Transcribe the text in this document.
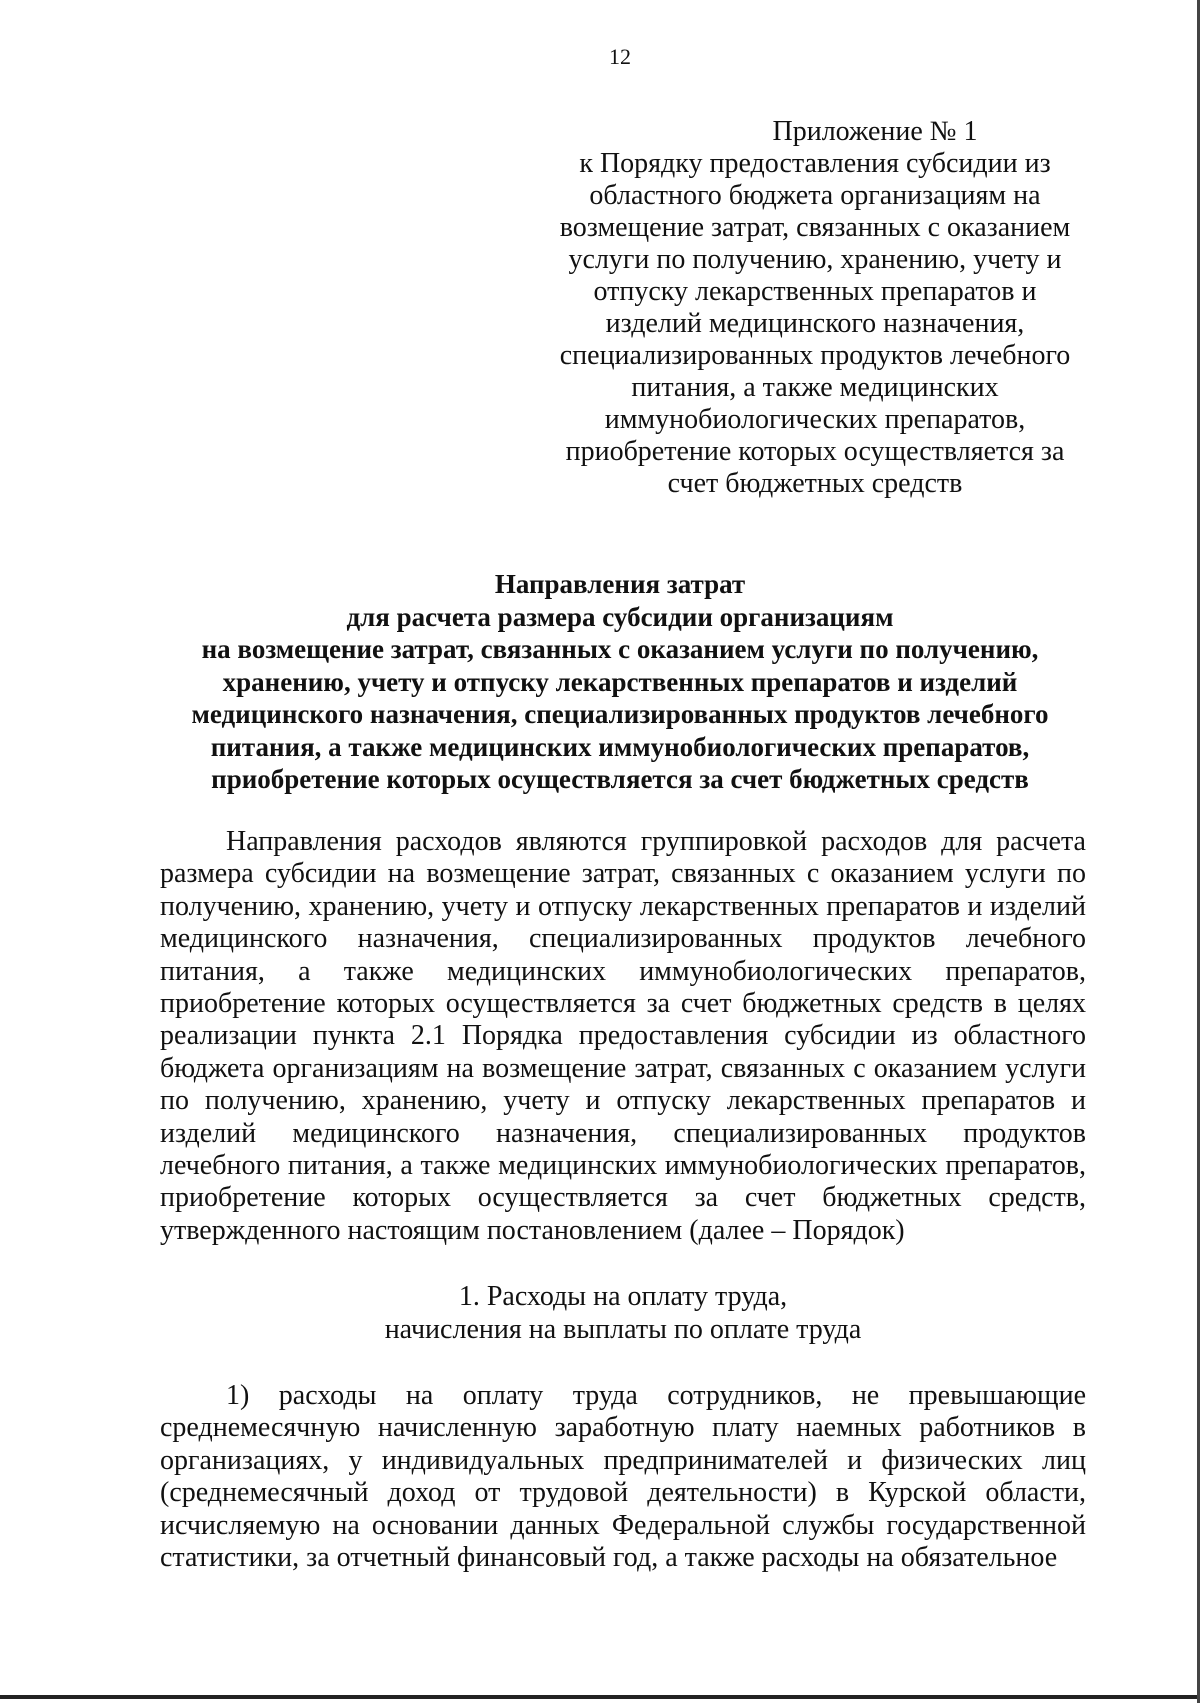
12
Приложение № 1
к Порядку предоставления субсидии из областного бюджета организациям на возмещение затрат, связанных с оказанием услуги по получению, хранению, учету и отпуску лекарственных препаратов и изделий медицинского назначения, специализированных продуктов лечебного питания, а также медицинских иммунобиологических препаратов, приобретение которых осуществляется за счет бюджетных средств
Направления затрат
для расчета размера субсидии организациям
на возмещение затрат, связанных с оказанием услуги по получению,
хранению, учету и отпуску лекарственных препаратов и изделий
медицинского назначения, специализированных продуктов лечебного
питания, а также медицинских иммунобиологических препаратов,
приобретение которых осуществляется за счет бюджетных средств

Направления расходов являются группировкой расходов для расчета размера субсидии на возмещение затрат, связанных с оказанием услуги по получению, хранению, учету и отпуску лекарственных препаратов и изделий медицинского назначения, специализированных продуктов лечебного питания, а также медицинских иммунобиологических препаратов, приобретение которых осуществляется за счет бюджетных средств в целях реализации пункта 2.1 Порядка предоставления субсидии из областного бюджета организациям на возмещение затрат, связанных с оказанием услуги по получению, хранению, учету и отпуску лекарственных препаратов и изделий медицинского назначения, специализированных продуктов лечебного питания, а также медицинских иммунобиологических препаратов, приобретение которых осуществляется за счет бюджетных средств, утвержденного настоящим постановлением (далее – Порядок)

1. Расходы на оплату труда,
начисления на выплаты по оплате труда

1) расходы на оплату труда сотрудников, не превышающие среднемесячную начисленную заработную плату наемных работников в организациях, у индивидуальных предпринимателей и физических лиц (среднемесячный доход от трудовой деятельности) в Курской области, исчисляемую на основании данных Федеральной службы государственной статистики, за отчетный финансовый год, а также расходы на обязательное
